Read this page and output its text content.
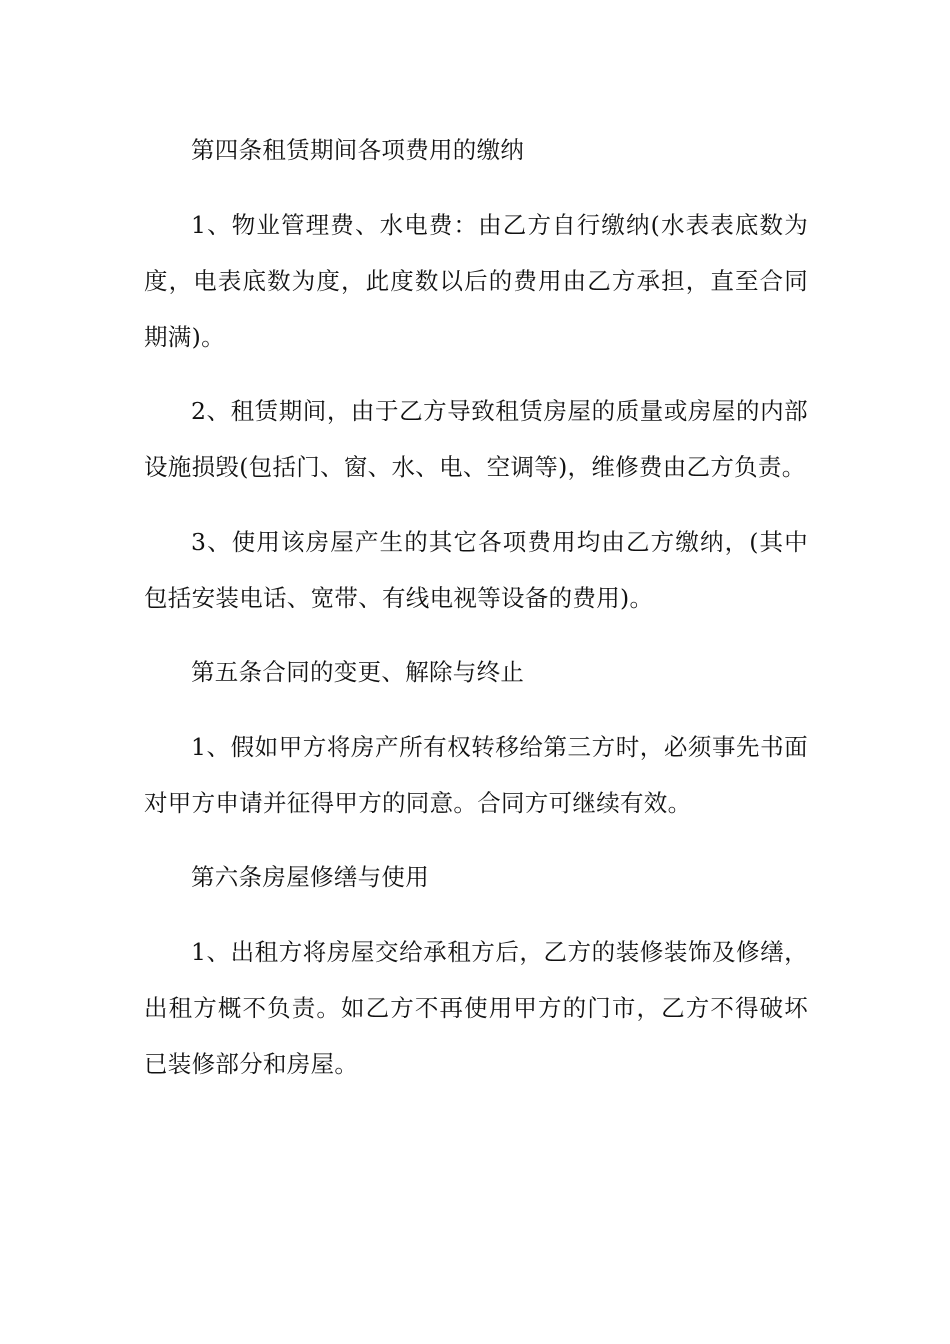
第四条租赁期间各项费用的缴纳

1、物业管理费、水电费：由乙方自行缴纳(水表表底数为度，电表底数为度，此度数以后的费用由乙方承担，直至合同期满)。

2、租赁期间，由于乙方导致租赁房屋的质量或房屋的内部设施损毁(包括门、窗、水、电、空调等)，维修费由乙方负责。

3、使用该房屋产生的其它各项费用均由乙方缴纳，(其中包括安装电话、宽带、有线电视等设备的费用)。

第五条合同的变更、解除与终止

1、假如甲方将房产所有权转移给第三方时，必须事先书面对甲方申请并征得甲方的同意。合同方可继续有效。

第六条房屋修缮与使用

1、出租方将房屋交给承租方后，乙方的装修装饰及修缮，出租方概不负责。如乙方不再使用甲方的门市，乙方不得破坏已装修部分和房屋。
